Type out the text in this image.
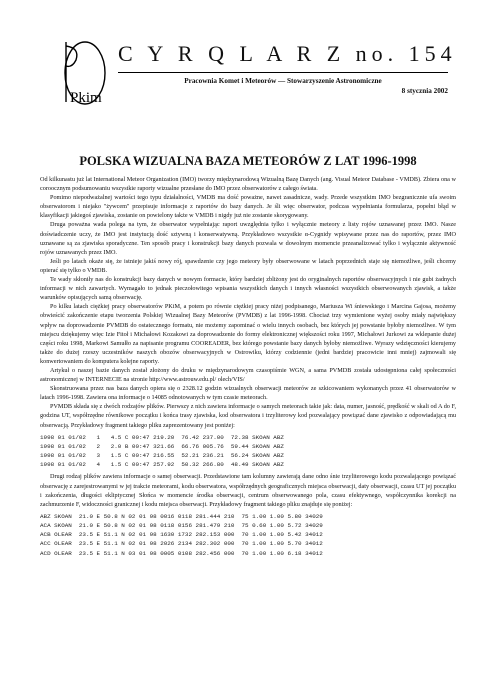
Pkim
C Y R Q L A R Z no. 154
Pracownia Komet i Meteorów — Stowarzyszenie Astronomiczne
8 stycznia 2002
POLSKA WIZUALNA BAZA METEORÓW Z LAT 1996-1998

Od kilkunastu już lat International Meteor Organization (IMO) tworzy międzynarodową Wizualną Bazę Danych (ang. Visual Meteor Database - VMDB). Zbiera ona w coroocznym podsumowaniu wszystkie raporty wizualne przesłane do IMO przez obserwatorów z całego świata.

Pomimo niepodważalnej wartości tego typu działalności, VMDB ma dość poważne, nawet zasadnicze, wady. Przede wszystkim IMO bezgranicznie ufa swoim obserwatorom i niejako "żywcem" przepisuje informacje z raportów do bazy danych. Je śli więc obserwator, podczas wypełniania formularza, popełni błąd w klasyfikacji jakiegoś zjawiska, zostanie on powielony także w VMDB i nigdy już nie zostanie skorygowany.

Druga poważna wada polega na tym, że obserwator wypełniając raport uwzględnia tylko i wyłącznie meteory z listy rojów uznawanej przez IMO. Nasze doświadczenie uczy, że IMO jest instytucją dość sztywną i konserwatywną. Przykładowo wszystkie α-Cygnidy wpisywane przez nas do raportów, przez IMO uznawane są za zjawiska sporadyczne. Ten sposób pracy i konstrukcji bazy danych pozwala w dowolnym momencie przeanalizować tylko i wyłącznie aktywność rojów uznawanych przez IMO.

Jeśli po latach okaże się, że istnieje jakiś nowy rój, spawdzenie czy jego meteory były obserwowane w latach poprzednich staje się niemożliwe, jeśli chcemy opierać się tylko o VMDB.

Te wady skłoniły nas do konstrukcji bazy danych w nowym formacie, który bardziej zbliżony jest do oryginalnych raportów obserwacyjnych i nie gubi żadnych informacji w nich zawartych. Wymagało to jednak pieczołowitego wpisania wszystkich danych i innych własności wszystkich obserwowanych zjawisk, a także warunków opisujących samą obserwację.

Po kilku latach ciężkiej pracy obserwatorów PKiM, a potem po równie ciężkiej pracy niżej podpisanego, Mariusza Wi śniewskiego i Marcina Gajosa, możemy obwieścić zakończenie etapu tworzenia Polskiej Wizualnej Bazy Meteorów (PVMDB) z lat 1996-1998. Chociaż trzy wymienione wyżej osoby miały największy wpływ na doprowadzenie PVMDB do ostatecznego formatu, nie możemy zapominać o wielu innych osobach, bez których jej powstanie byłoby niemożliwe. W tym miejscu dziękujemy więc Izie Fitoł i Michałowi Kozakowi za doprowadzenie do formy elektronicznej większości roku 1997, Michałowi Jurkowi za wklepanie dużej części roku 1998, Markowi Samułło za napisanie programu COOREADER, bez którego powstanie bazy danych byłoby niemożliwe. Wyrazy wdzięczności kierujemy także do dużej rzeszy uczestników naszych obozów obserwacyjnych w Ostrowiku, którzy codziennie (jedni bardziej pracowicie inni mniej) zajmowali się konwertowaniem do komputera kolejne raporty.

Artykuł o naszej bazie danych został złożony do druku w międzynarodowym czasopiśmie WGN, a sama PVMDB została udostępniona całej społeczności astronomicznej w INTERNECIE na stronie http://www.astrouw.edu.pl/ olech/VIS/

Skonstruowana przez nas baza danych opiera się o 2328.12 godzin wizualnych obserwacji meteorów ze szkicowaniem wykonanych przez 41 obserwatorów w latach 1996-1998. Zawiera ona informacje o 14085 odnotowanych w tym czasie meteorach.

PVMDB składa się z dwóch rodzajów plików. Pierwszy z nich zawiera informacje o samych meteorach takie jak: data, numer, jasność, prędkość w skali od A do F, godzina UT, współrzędne równikowe początku i końca trasy zjawiska, kod obserwatora i trzyliterowy kod pozwalający powiązać dane zjawisko z odpowiadającą mu obserwacją. Przykładowy fragment takiego pliku zaprezentowany jest poniżej:

1998 01 01/02   1   4.5 C 00:47 219.20  76.42 237.00  72.38 SKOAN ABZ
1998 01 01/02   2   2.0 B 00:47 321.66  66.76 005.76  59.44 SKOAN ABZ
1998 01 01/02   3   1.5 C 00:47 216.55  52.21 236.21  56.24 SKOAN ABZ
1998 01 01/02   4   1.5 C 00:47 257.92  50.32 266.80  48.49 SKOAN ABZ

Drugi rodzaj plików zawiera informacje o samej obserwacji. Przedstawione tam kolumny zawierają dane odno śnie trzyliterowego kodu pozwalającego powiązać obserwację z zarejestrowanymi w jej trakcie meteorami, kodu obserwatora, współrzędnych geograficznych miejsca obserwacji, daty obserwacji, czasu UT jej początku i zakończenia, długości ekliptycznej Słońca w momencie środka obserwacji, centrum obserwowanego pola, czasu efektywnego, współczynnika korekcji na zachmurzenie F, widoczności granicznej i kodu miejsca obserwacji. Przykładowy fragment takiego pliku znajduje się poniżej:

ABZ SKOAN  21.0 E 50.8 N 02 01 98 0016 0118 281.444 210  75 1.00 1.00 5.80 34029
ACA SKOAN  21.0 E 50.8 N 02 01 98 0118 0156 281.479 210  75 0.60 1.00 5.72 34029
ACB OLEAR  23.5 E 51.1 N 02 01 98 1630 1732 282.153 000  70 1.00 1.00 5.42 34012
ACC OLEAR  23.5 E 51.1 N 02 01 98 2026 2134 282.302 000  70 1.00 1.00 5.70 34012
ACD OLEAR  23.5 E 51.1 N 03 01 98 0005 0108 282.456 000  70 1.00 1.00 6.18 34012
